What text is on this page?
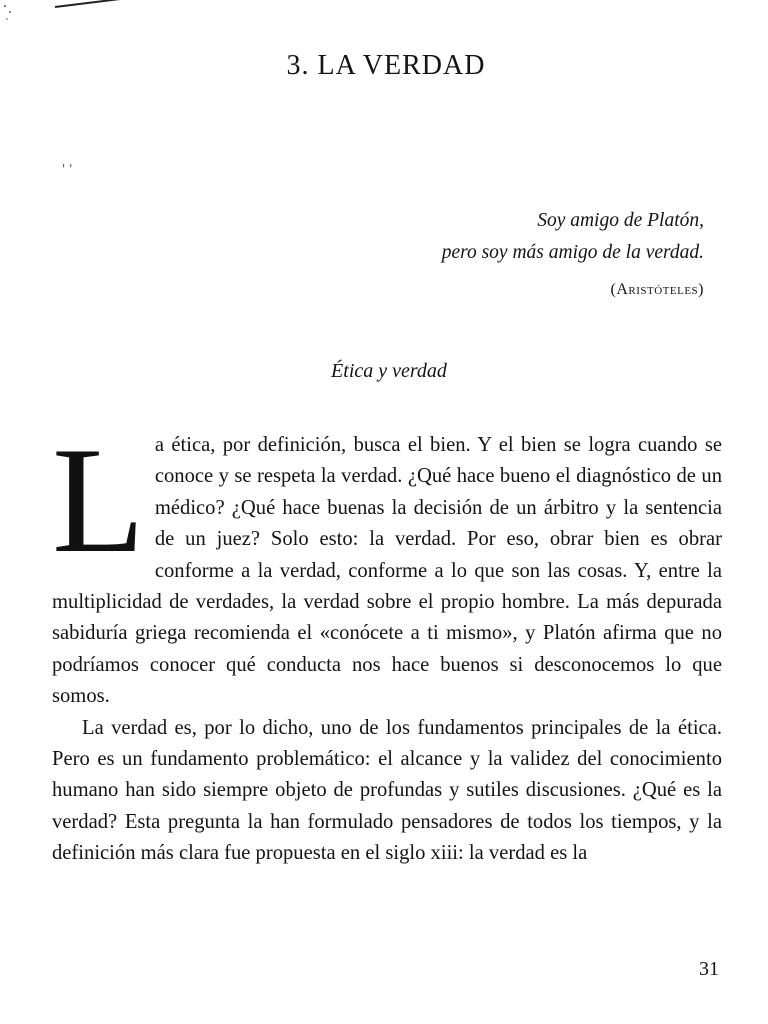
' '
3. LA VERDAD
Soy amigo de Platón,
pero soy más amigo de la verdad.
(Aristóteles)
Ética y verdad

La ética, por definición, busca el bien. Y el bien se logra cuando se conoce y se respeta la verdad. ¿Qué hace bueno el diagnóstico de un médico? ¿Qué hace buenas la decisión de un árbitro y la sentencia de un juez? Solo esto: la verdad. Por eso, obrar bien es obrar conforme a la verdad, conforme a lo que son las cosas. Y, entre la multiplicidad de verdades, la verdad sobre el propio hombre. La más depurada sabiduría griega recomienda el «conócete a ti mismo», y Platón afirma que no podríamos conocer qué conducta nos hace buenos si desconocemos lo que somos.

La verdad es, por lo dicho, uno de los fundamentos principales de la ética. Pero es un fundamento problemático: el alcance y la validez del conocimiento humano han sido siempre objeto de profundas y sutiles discusiones. ¿Qué es la verdad? Esta pregunta la han formulado pensadores de todos los tiempos, y la definición más clara fue propuesta en el siglo xiii: la verdad es la

31
